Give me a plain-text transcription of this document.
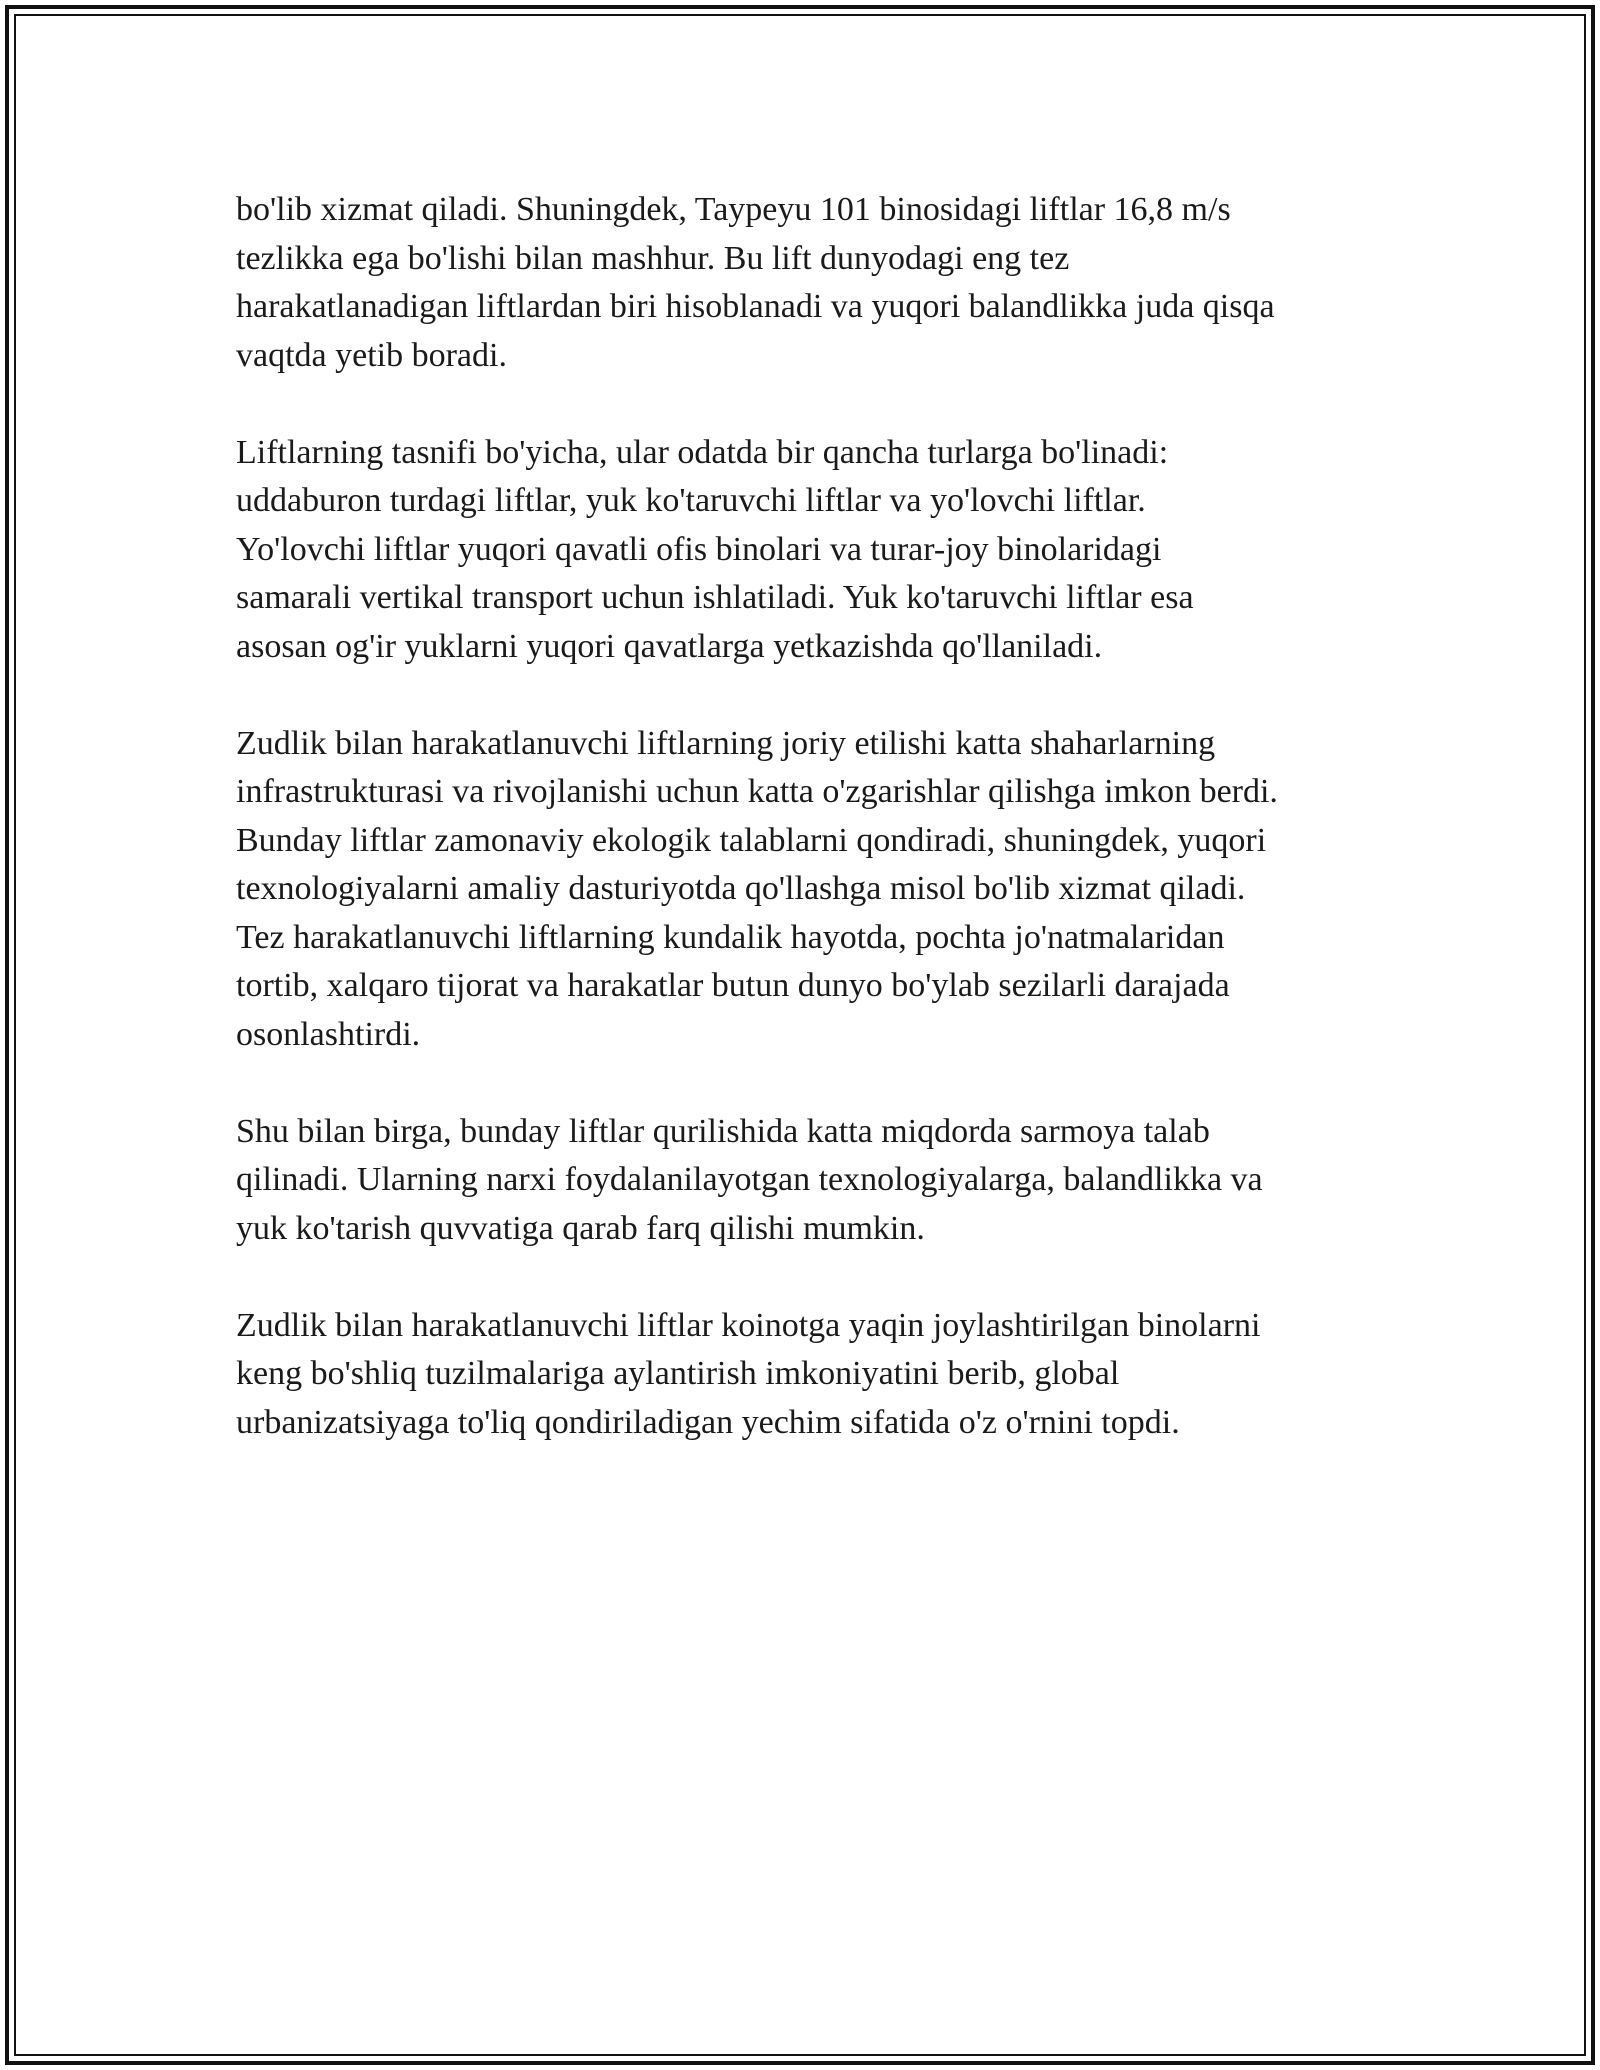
bo'lib xizmat qiladi. Shuningdek, Taypeyu 101 binosidagi liftlar 16,8 m/s
tezlikka ega bo'lishi bilan mashhur. Bu lift dunyodagi eng tez
harakatlanadigan liftlardan biri hisoblanadi va yuqori balandlikka juda qisqa
vaqtda yetib boradi.

Liftlarning tasnifi bo'yicha, ular odatda bir qancha turlarga bo'linadi:
uddaburon turdagi liftlar, yuk ko'taruvchi liftlar va yo'lovchi liftlar.
Yo'lovchi liftlar yuqori qavatli ofis binolari va turar-joy binolaridagi
samarali vertikal transport uchun ishlatiladi. Yuk ko'taruvchi liftlar esa
asosan og'ir yuklarni yuqori qavatlarga yetkazishda qo'llaniladi.

Zudlik bilan harakatlanuvchi liftlarning joriy etilishi katta shaharlarning
infrastrukturasi va rivojlanishi uchun katta o'zgarishlar qilishga imkon berdi.
Bunday liftlar zamonaviy ekologik talablarni qondiradi, shuningdek, yuqori
texnologiyalarni amaliy dasturiyotda qo'llashga misol bo'lib xizmat qiladi.
Tez harakatlanuvchi liftlarning kundalik hayotda, pochta jo'natmalaridan
tortib, xalqaro tijorat va harakatlar butun dunyo bo'ylab sezilarli darajada
osonlashtirdi.

Shu bilan birga, bunday liftlar qurilishida katta miqdorda sarmoya talab
qilinadi. Ularning narxi foydalanilayotgan texnologiyalarga, balandlikka va
yuk ko'tarish quvvatiga qarab farq qilishi mumkin.

Zudlik bilan harakatlanuvchi liftlar koinotga yaqin joylashtirilgan binolarni
keng bo'shliq tuzilmalariga aylantirish imkoniyatini berib, global
urbanizatsiyaga to'liq qondiriladigan yechim sifatida o'z o'rnini topdi.
